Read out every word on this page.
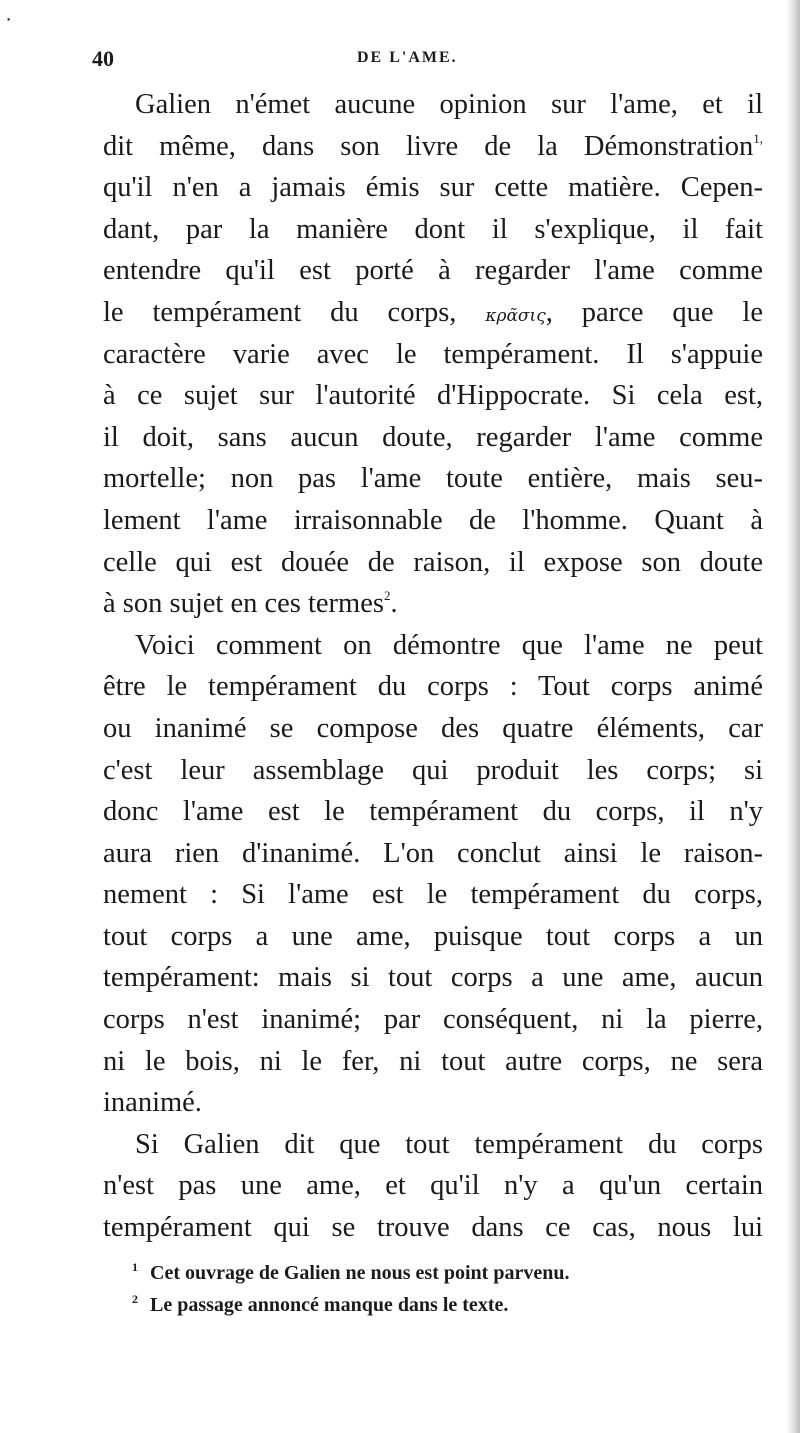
•
40	DE L'AME.
Galien n'émet aucune opinion sur l'ame, et il
dit même, dans son livre de la Démonstration$^{1,}$
qu'il n'en a jamais émis sur cette matière. Cepen-
dant, par la manière dont il s'explique, il fait
entendre qu'il est porté à regarder l'ame comme
le tempérament du corps, κρᾶσις, parce que le
caractère varie avec le tempérament. Il s'appuie
à ce sujet sur l'autorité d'Hippocrate. Si cela est,
il doit, sans aucun doute, regarder l'ame comme
mortelle; non pas l'ame toute entière, mais seu-
lement l'ame irraisonnable de l'homme. Quant à
celle qui est douée de raison, il expose son doute
à son sujet en ces termes$^2$.
Voici comment on démontre que l'ame ne peut
être le tempérament du corps : Tout corps animé
ou inanimé se compose des quatre éléments, car
c'est leur assemblage qui produit les corps; si
donc l'ame est le tempérament du corps, il n'y
aura rien d'inanimé. L'on conclut ainsi le raison-
nement : Si l'ame est le tempérament du corps,
tout corps a une ame, puisque tout corps a un
tempérament: mais si tout corps a une ame, aucun
corps n'est inanimé; par conséquent, ni la pierre,
ni le bois, ni le fer, ni tout autre corps, ne sera
inanimé.
Si Galien dit que tout tempérament du corps
n'est pas une ame, et qu'il n'y a qu'un certain
tempérament qui se trouve dans ce cas, nous lui
$^1$ Cet ouvrage de Galien ne nous est point parvenu.
$^2$ Le passage annoncé manque dans le texte.
